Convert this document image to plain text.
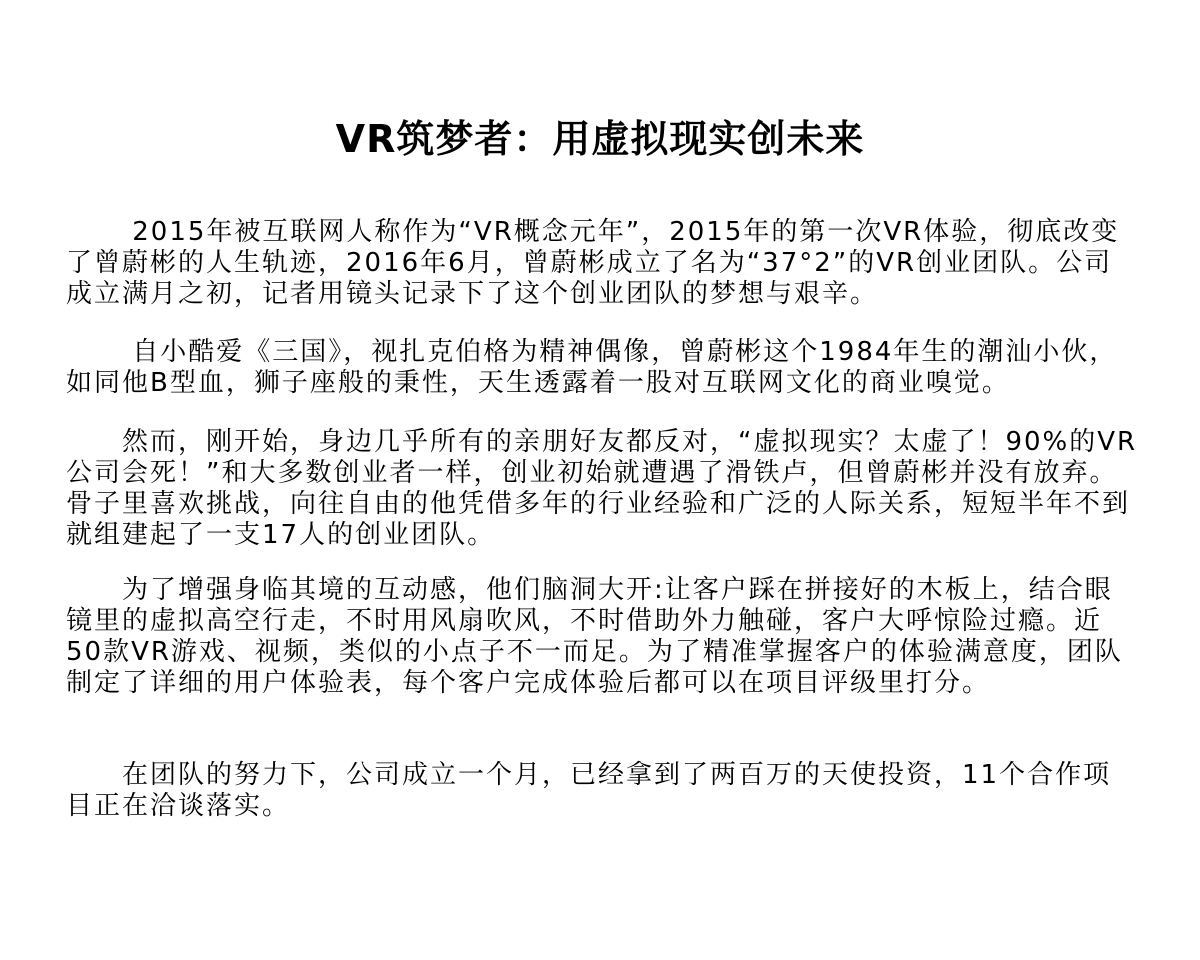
VR筑梦者：用虚拟现实创未来

　　 2015年被互联网人称作为“VR概念元年”，2015年的第一次VR体验，彻底改变了曾蔚彬的人生轨迹，2016年6月，曾蔚彬成立了名为“37°2”的VR创业团队。公司成立满月之初，记者用镜头记录下了这个创业团队的梦想与艰辛。

　　 自小酷爱《三国》，视扎克伯格为精神偶像，曾蔚彬这个1984年生的潮汕小伙，如同他B型血，狮子座般的秉性，天生透露着一股对互联网文化的商业嗅觉。

　　然而，刚开始，身边几乎所有的亲朋好友都反对，“虚拟现实？太虚了！90%的VR公司会死！”和大多数创业者一样，创业初始就遭遇了滑铁卢，但曾蔚彬并没有放弃。骨子里喜欢挑战，向往自由的他凭借多年的行业经验和广泛的人际关系，短短半年不到就组建起了一支17人的创业团队。

　　为了增强身临其境的互动感，他们脑洞大开:让客户踩在拼接好的木板上，结合眼镜里的虚拟高空行走，不时用风扇吹风，不时借助外力触碰，客户大呼惊险过瘾。近50款VR游戏、视频，类似的小点子不一而足。为了精准掌握客户的体验满意度，团队制定了详细的用户体验表，每个客户完成体验后都可以在项目评级里打分。

　　在团队的努力下，公司成立一个月，已经拿到了两百万的天使投资，11个合作项目正在洽谈落实。
